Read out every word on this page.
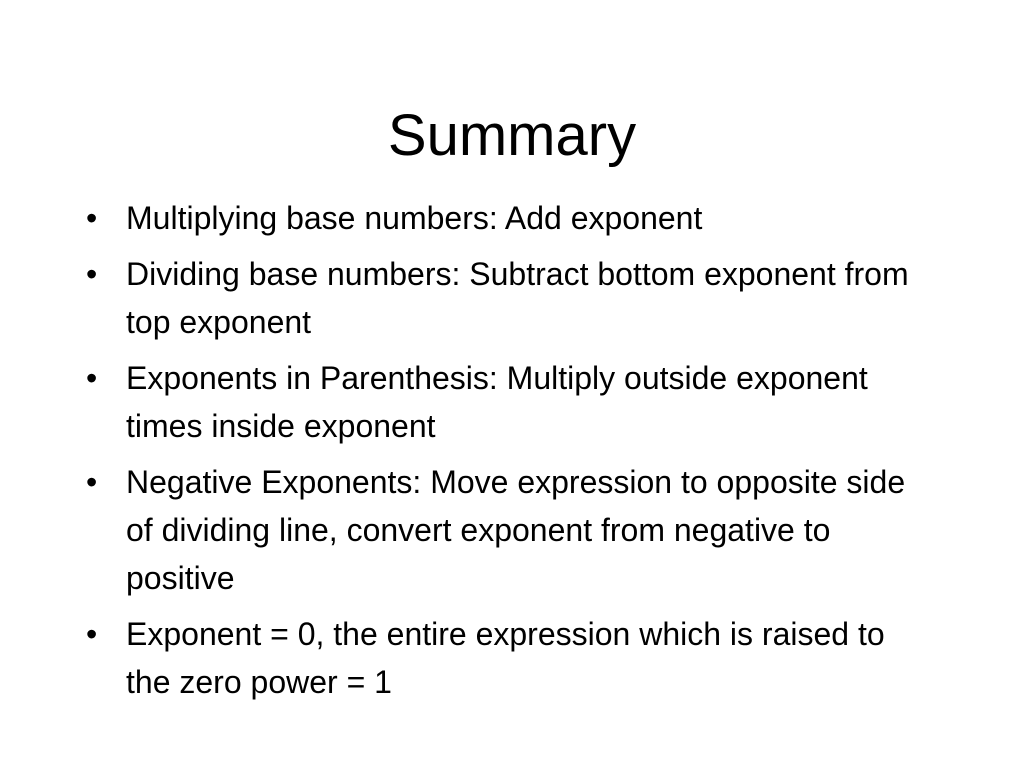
Summary
• Multiplying base numbers: Add exponent
• Dividing base numbers: Subtract bottom exponent from top exponent
• Exponents in Parenthesis: Multiply outside exponent times inside exponent
• Negative Exponents: Move expression to opposite side of dividing line, convert exponent from negative to positive
• Exponent = 0, the entire expression which is raised to the zero power = 1
